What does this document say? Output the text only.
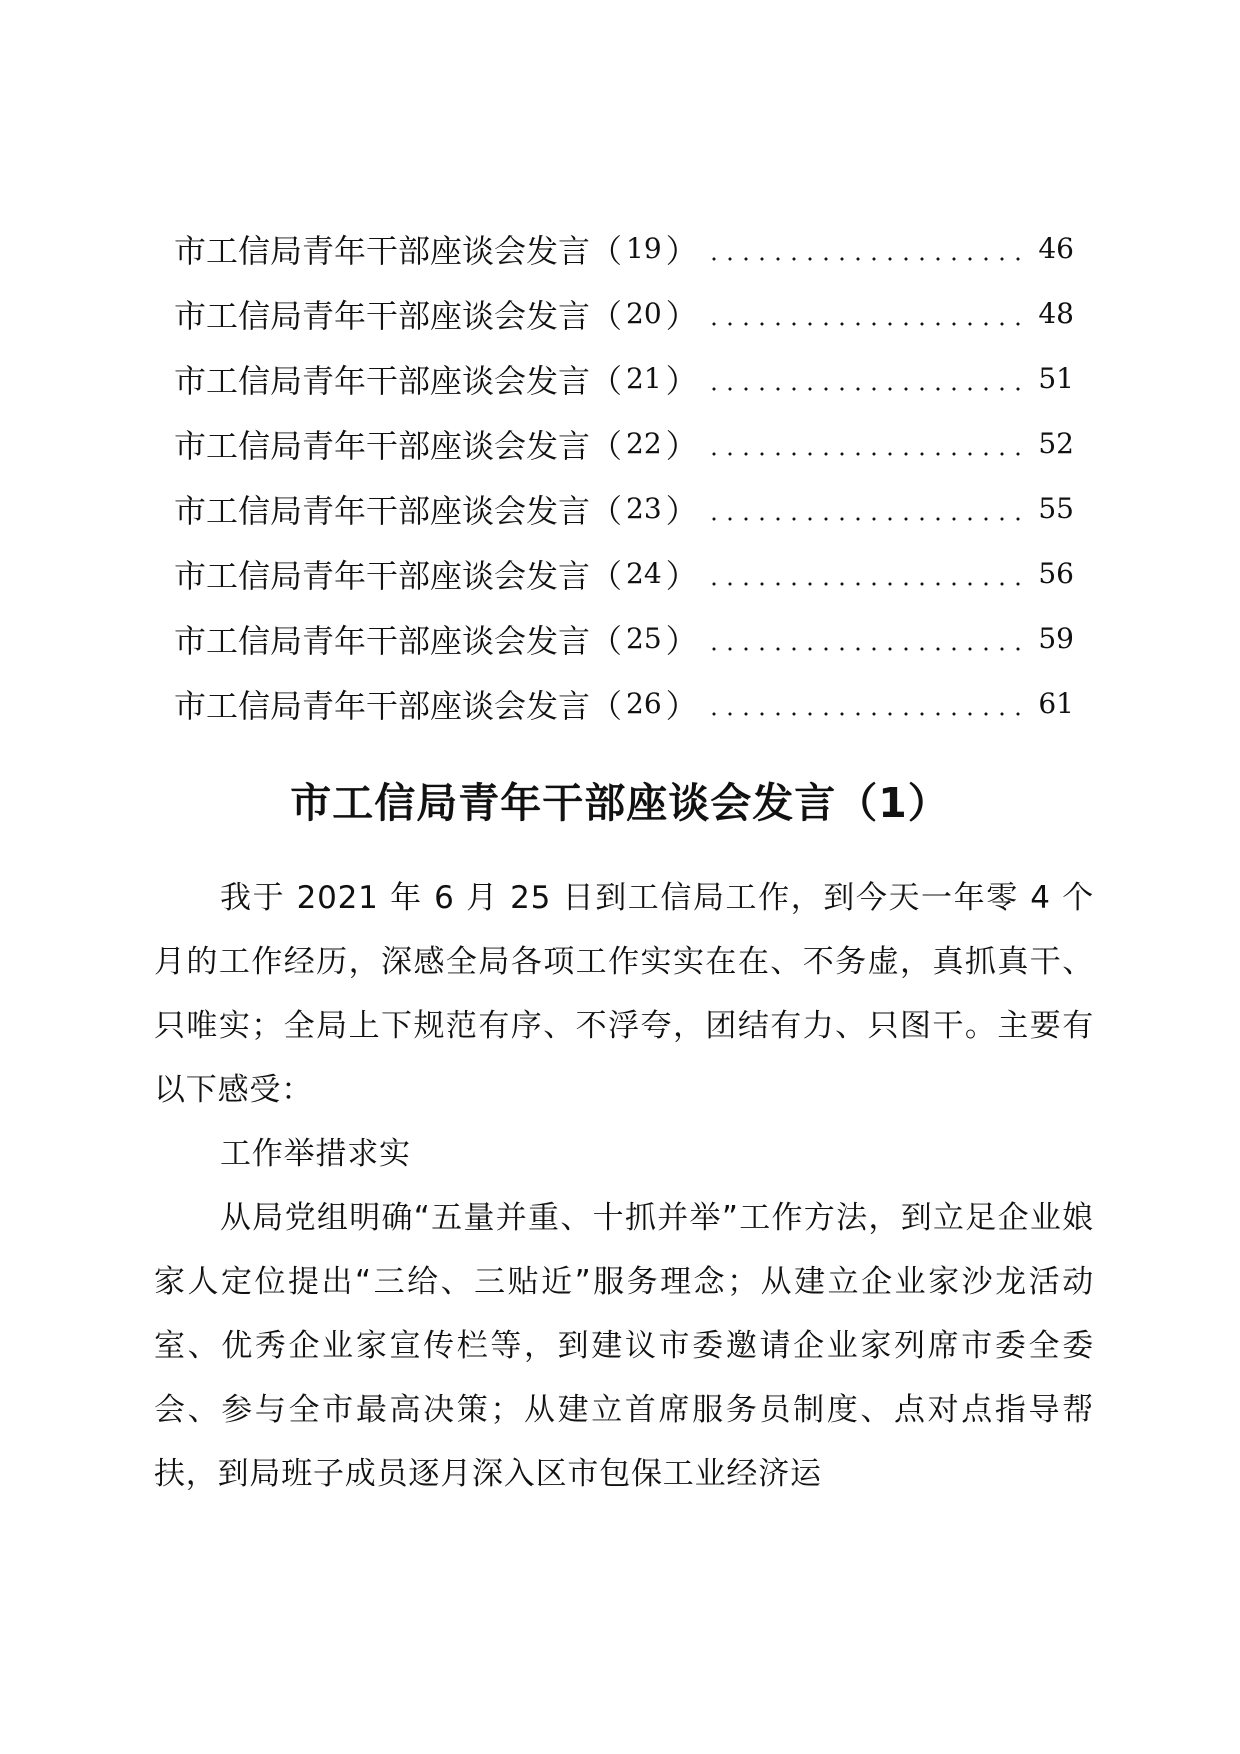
市工信局青年干部座谈会发言 （ 19 ）	46
市工信局青年干部座谈会发言 （ 20 ）	48
市工信局青年干部座谈会发言 （ 21 ）	51
市工信局青年干部座谈会发言 （ 22 ）	52
市工信局青年干部座谈会发言 （ 23 ）	55
市工信局青年干部座谈会发言 （ 24 ）	56
市工信局青年干部座谈会发言 （ 25 ）	59
市工信局青年干部座谈会发言 （ 26 ）	61
市工信局青年干部座谈会发言（1）

我于 2021 年 6 月 25 日到工信局工作，到今天一年零 4 个月的工作经历，深感全局各项工作实实在在、不务虚，真抓真干、只唯实；全局上下规范有序、不浮夸，团结有力、只图干。主要有以下感受：

工作举措求实

从局党组明确“五量并重、十抓并举”工作方法，到立足企业娘家人定位提出“三给、三贴近”服务理念；从建立企业家沙龙活动室、优秀企业家宣传栏等，到建议市委邀请企业家列席市委全委会、参与全市最高决策；从建立首席服务员制度、点对点指导帮扶，到局班子成员逐月深入区市包保工业经济运
